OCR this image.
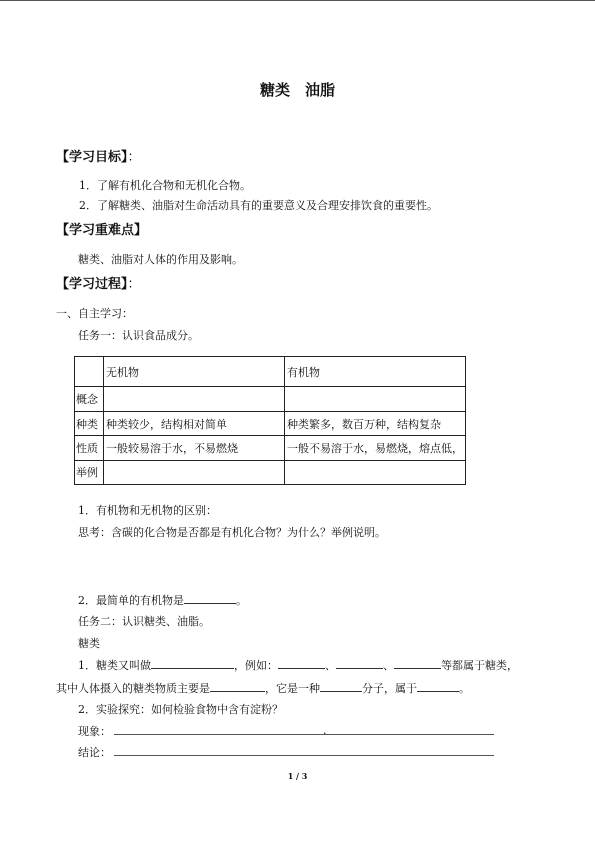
糖类　油脂
【学习目标】：
1．了解有机化合物和无机化合物。
2．了解糖类、油脂对生命活动具有的重要意义及合理安排饮食的重要性。
【学习重难点】
糖类、油脂对人体的作用及影响。
【学习过程】：
一、自主学习：
任务一：认识食品成分。
	无机物	有机物
概念		
种类	种类较少，结构相对简单	种类繁多，数百万种，结构复杂
性质	一般较易溶于水，不易燃烧	一般不易溶于水，易燃烧，熔点低，
举例		
1．有机物和无机物的区别：
思考：含碳的化合物是否都是有机化合物？为什么？举例说明。
2．最简单的有机物是	。
任务二：认识糖类、油脂。
糖类
1．糖类又叫做	，例如：	、	、	等都属于糖类，
其中人体摄入的糖类物质主要是	，它是一种	分子，属于	。
2．实验探究：如何检验食物中含有淀粉？
现象：	.
结论：
1 / 3
